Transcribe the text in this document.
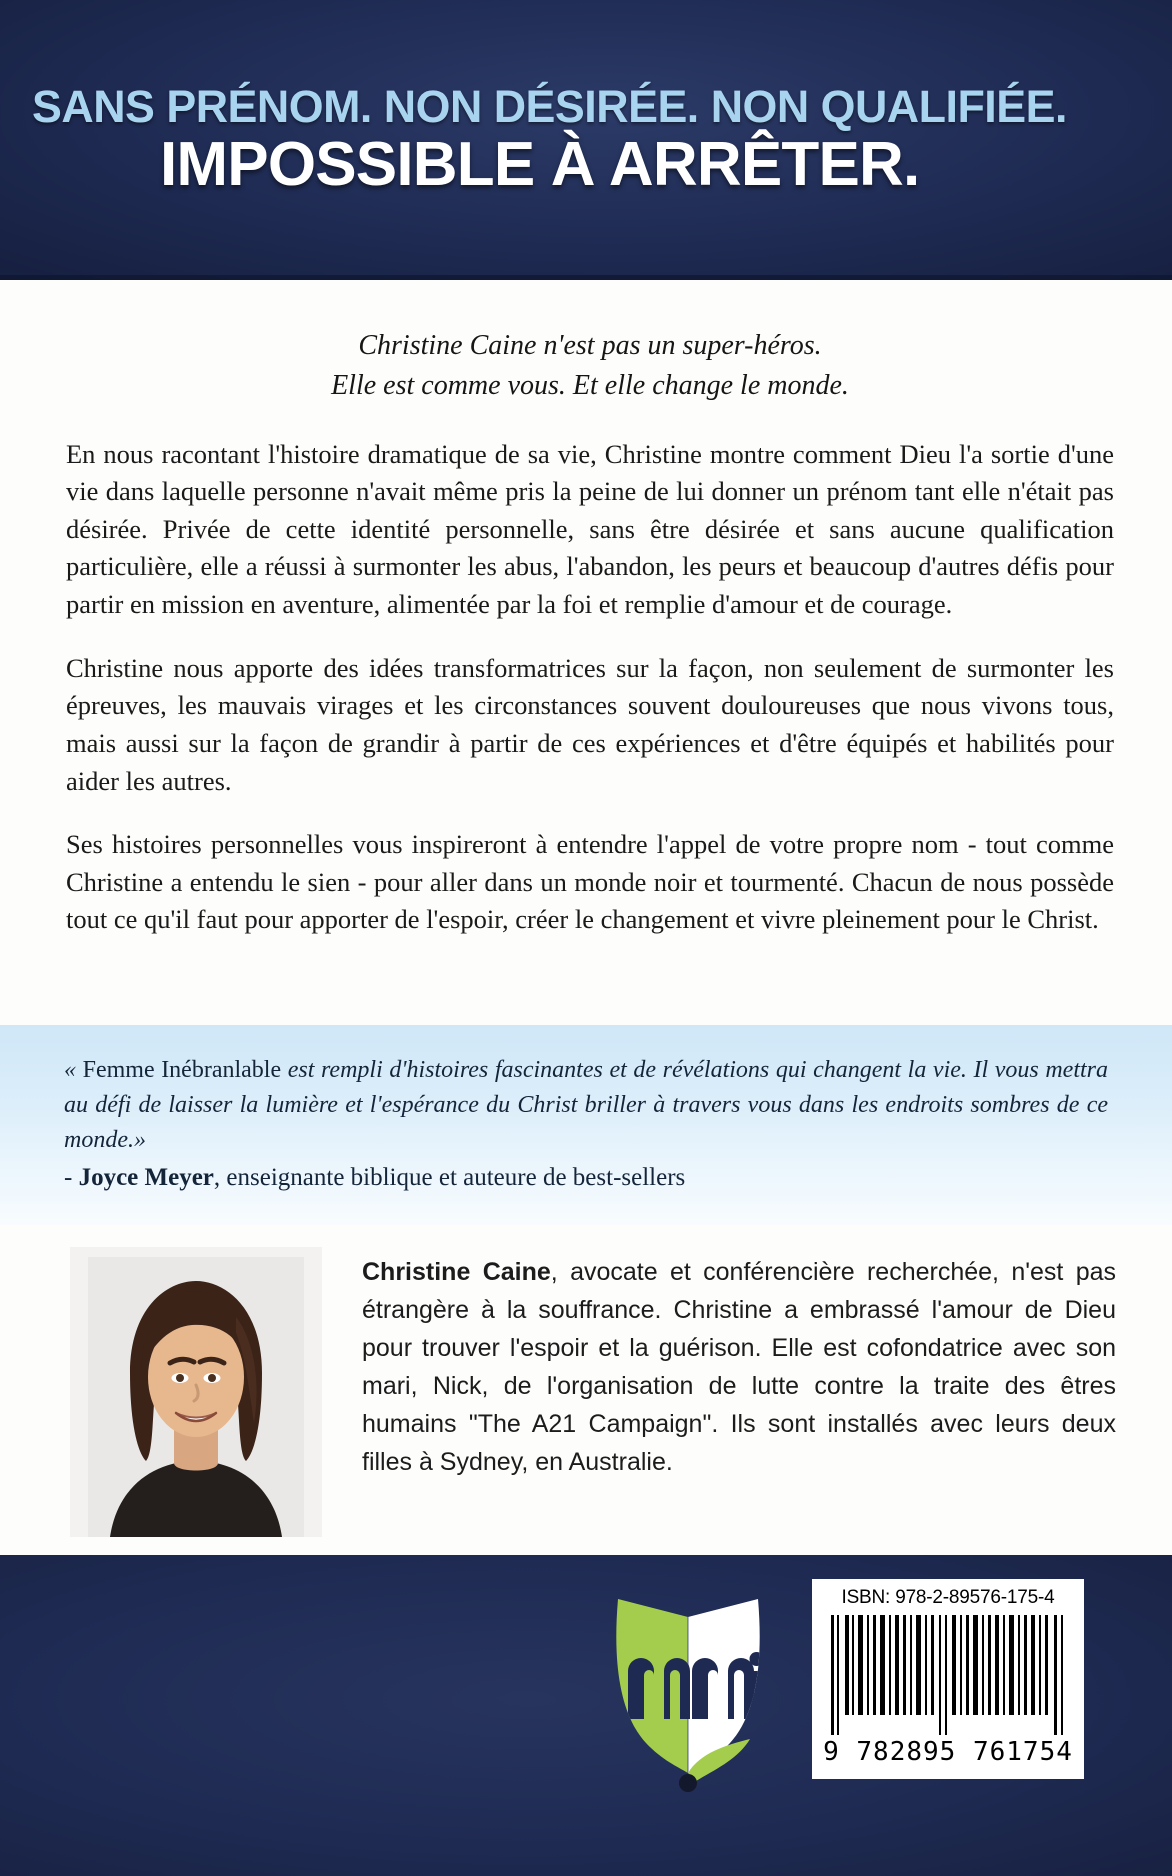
SANS PRÉNOM. NON DÉSIRÉE. NON QUALIFIÉE.
IMPOSSIBLE À ARRÊTER.
Christine Caine n'est pas un super-héros.
Elle est comme vous. Et elle change le monde.

En nous racontant l'histoire dramatique de sa vie, Christine montre comment Dieu l'a sortie d'une vie dans laquelle personne n'avait même pris la peine de lui donner un prénom tant elle n'était pas désirée. Privée de cette identité personnelle, sans être désirée et sans aucune qualification particulière, elle a réussi à surmonter les abus, l'abandon, les peurs et beaucoup d'autres défis pour partir en mission en aventure, alimentée par la foi et remplie d'amour et de courage.

Christine nous apporte des idées transformatrices sur la façon, non seulement de surmonter les épreuves, les mauvais virages et les circonstances souvent douloureuses que nous vivons tous, mais aussi sur la façon de grandir à partir de ces expériences et d'être équipés et habilités pour aider les autres.

Ses histoires personnelles vous inspireront à entendre l'appel de votre propre nom - tout comme Christine a entendu le sien - pour aller dans un monde noir et tourmenté. Chacun de nous possède tout ce qu'il faut pour apporter de l'espoir, créer le changement et vivre pleinement pour le Christ.

« Femme Inébranlable est rempli d'histoires fascinantes et de révélations qui changent la vie. Il vous mettra au défi de laisser la lumière et l'espérance du Christ briller à travers vous dans les endroits sombres de ce monde.»

- Joyce Meyer, enseignante biblique et auteure de best-sellers
Christine Caine, avocate et conférencière recherchée, n'est pas étrangère à la souffrance. Christine a embrassé l'amour de Dieu pour trouver l'espoir et la guérison. Elle est cofondatrice avec son mari, Nick, de l'organisation de lutte contre la traite des êtres humains "The A21 Campaign". Ils sont installés avec leurs deux filles à Sydney, en Australie.
ISBN: 978-2-89576-175-4
9 782895 761754
